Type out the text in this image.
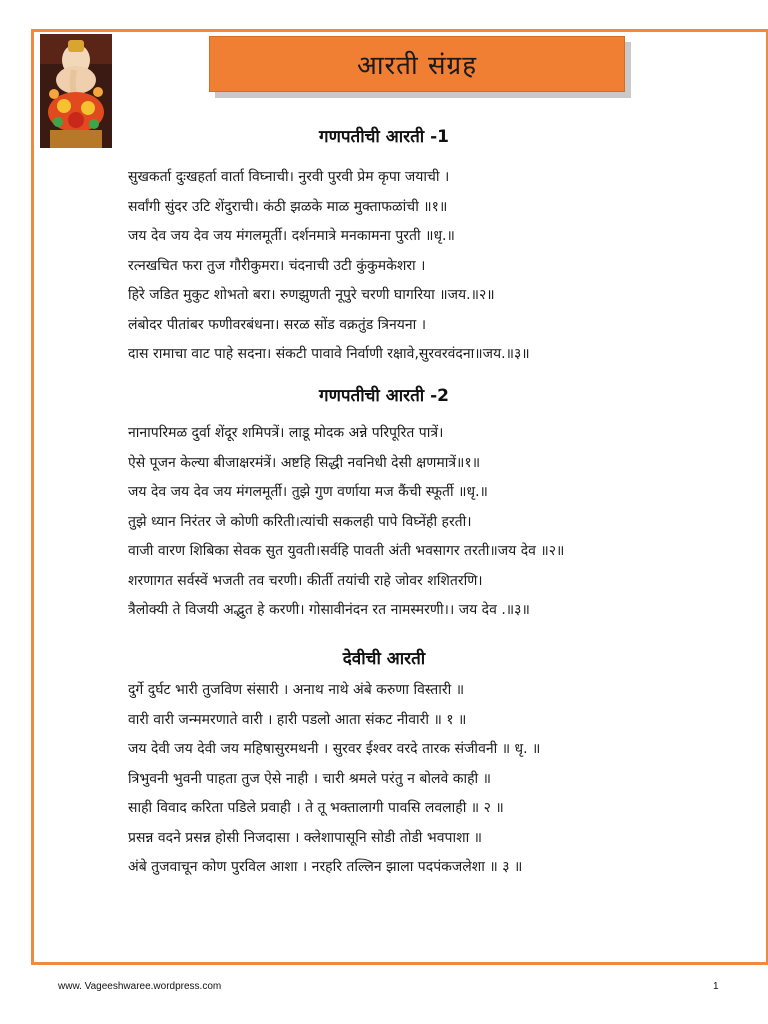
आरती संग्रह
गणपतीची आरती -1
सुखकर्ता दुःखहर्ता वार्ता विघ्नाची। नुरवी पुरवी प्रेम कृपा जयाची ।
सर्वांगी सुंदर उटि शेंदुराची। कंठी झळके माळ मुक्ताफळांची ॥१॥
जय देव जय देव जय मंगलमूर्ती। दर्शनमात्रे मनकामना पुरती ॥धृ.॥
रत्नखचित फरा तुज गौरीकुमरा। चंदनाची उटी कुंकुमकेशरा ।
हिरे जडित मुकुट शोभतो बरा। रुणझुणती नूपुरे चरणी घागरिया ॥जय.॥२॥
लंबोदर पीतांबर फणीवरबंधना। सरळ सोंड वक्रतुंड त्रिनयना ।
दास रामाचा वाट पाहे सदना। संकटी पावावे निर्वाणी रक्षावे,सुरवरवंदना॥जय.॥३॥
गणपतीची आरती -2
नानापरिमळ दुर्वा शेंदूर शमिपत्रें। लाडू मोदक अन्ने परिपूरित पात्रें।
ऐसे पूजन केल्या बीजाक्षरमंत्रें। अष्टहि सिद्धी नवनिधी देसी क्षणमात्रें॥१॥
जय देव जय देव जय मंगलमूर्ती। तुझे गुण वर्णाया मज कैंची स्फूर्ती ॥धृ.॥
तुझे ध्यान निरंतर जे कोणी करिती।त्यांची सकलही पापे विघ्नेंही हरती।
वाजी वारण शिबिका सेवक सुत युवती।सर्वहि पावती अंती भवसागर तरती॥जय देव ॥२॥
शरणागत सर्वस्वें भजती तव चरणी। कीर्ती तयांची राहे जोवर शशितरणि।
त्रैलोक्यी ते विजयी अद्भुत हे करणी। गोसावीनंदन रत नामस्मरणी।। जय देव .॥३॥
देवीची आरती
दुर्गे दुर्घट भारी तुजविण संसारी । अनाथ नाथे अंबे करुणा विस्तारी ॥
वारी वारी जन्ममरणाते वारी । हारी पडलो आता संकट नीवारी ॥ १ ॥
जय देवी जय देवी जय महिषासुरमथनी । सुरवर ईश्वर वरदे तारक संजीवनी ॥ धृ. ॥
त्रिभुवनी भुवनी पाहता तुज ऐसे नाही । चारी श्रमले परंतु न बोलवे काही ॥
साही विवाद करिता पडिले प्रवाही । ते तू भक्तालागी पावसि लवलाही ॥ २ ॥
प्रसन्न वदने प्रसन्न होसी निजदासा । क्लेशापासूनि सोडी तोडी भवपाशा ॥
अंबे तुजवाचून कोण पुरविल आशा । नरहरि तल्लिन झाला पदपंकजलेशा ॥ ३ ॥
www. Vageeshwaree.wordpress.com	1
